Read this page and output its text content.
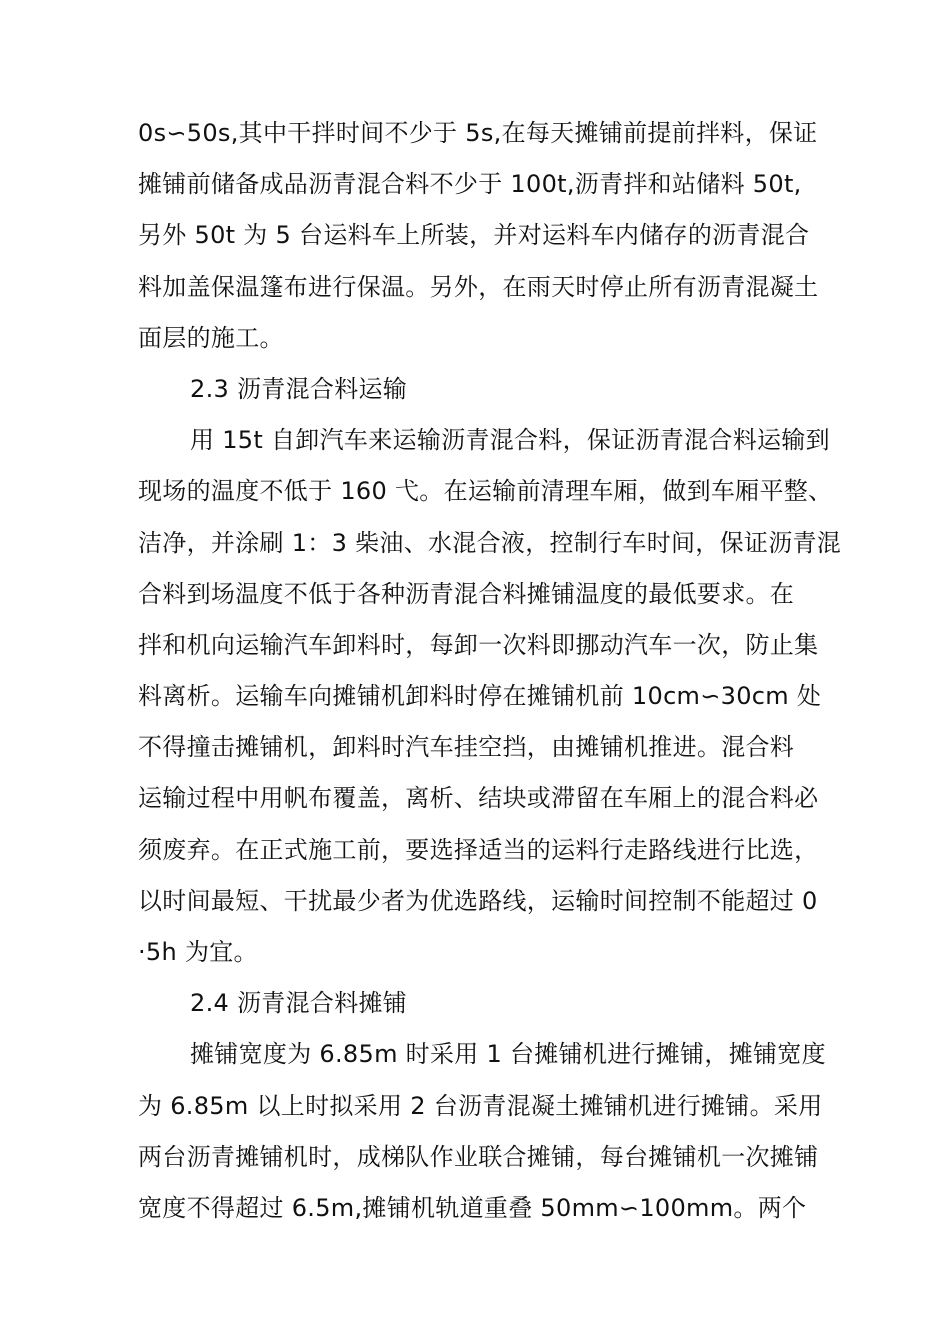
0s∽50s,其中干拌时间不少于 5s,在每天摊铺前提前拌料，保证
摊铺前储备成品沥青混合料不少于 100t,沥青拌和站储料 50t,
另外 50t 为 5 台运料车上所装，并对运料车内储存的沥青混合
料加盖保温篷布进行保温。另外，在雨天时停止所有沥青混凝土
面层的施工。
2.3 沥青混合料运输
用 15t 自卸汽车来运输沥青混合料，保证沥青混合料运输到
现场的温度不低于 160 弋。在运输前清理车厢，做到车厢平整、
洁净，并涂刷 1：3 柴油、水混合液，控制行车时间，保证沥青混
合料到场温度不低于各种沥青混合料摊铺温度的最低要求。在
拌和机向运输汽车卸料时，每卸一次料即挪动汽车一次，防止集
料离析。运输车向摊铺机卸料时停在摊铺机前 10cm∽30cm 处
不得撞击摊铺机，卸料时汽车挂空挡，由摊铺机推进。混合料
运输过程中用帆布覆盖，离析、结块或滞留在车厢上的混合料必
须废弃。在正式施工前，要选择适当的运料行走路线进行比选，
以时间最短、干扰最少者为优选路线，运输时间控制不能超过 0
·5h 为宜。
2.4 沥青混合料摊铺
摊铺宽度为 6.85m 时采用 1 台摊铺机进行摊铺，摊铺宽度
为 6.85m 以上时拟采用 2 台沥青混凝土摊铺机进行摊铺。采用
两台沥青摊铺机时，成梯队作业联合摊铺，每台摊铺机一次摊铺
宽度不得超过 6.5m,摊铺机轨道重叠 50mm∽100mm。两个
